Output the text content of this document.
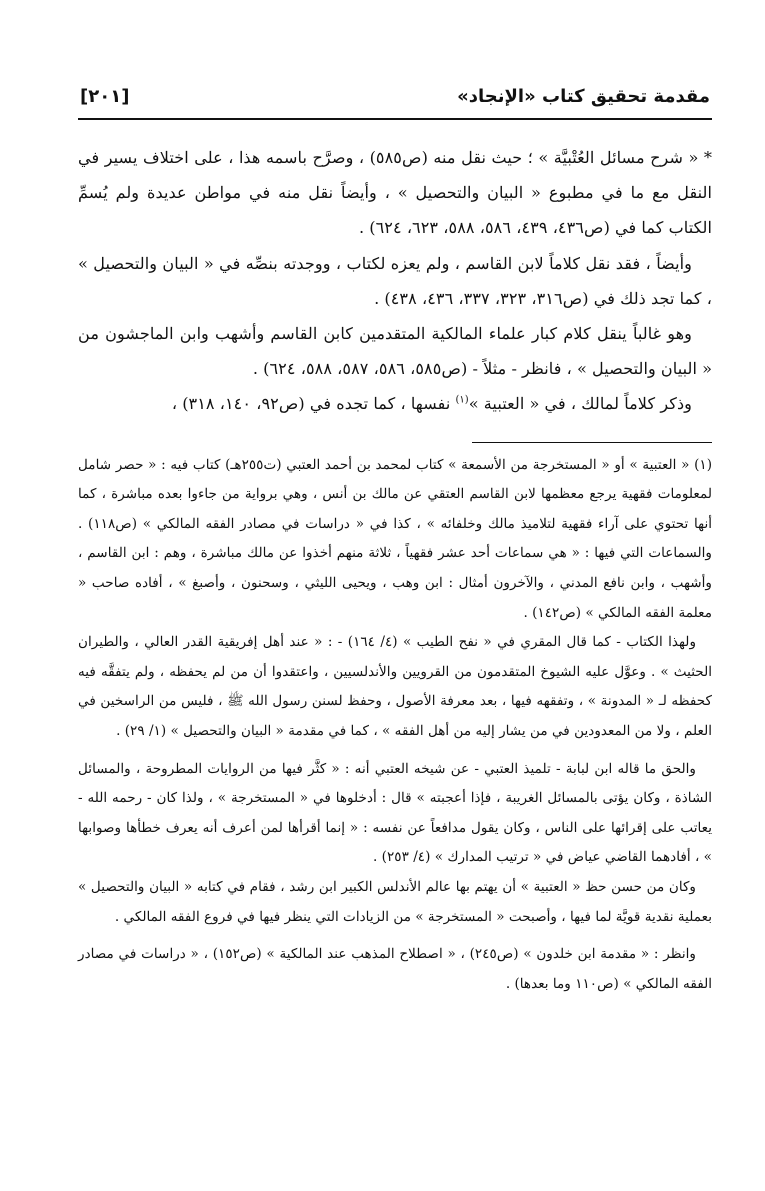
مقدمة تحقيق كتاب «الإنجاد»
[٢٠١]

* « شرح مسائل العُتْبيَّة » ؛ حيث نقل منه (ص٥٨٥) ، وصرَّح باسمه هذا ، على اختلاف يسير في النقل مع ما في مطبوع « البيان والتحصيل » ، وأيضاً نقل منه في مواطن عديدة ولم يُسمِّ الكتاب كما في (ص٤٣٦، ٤٣٩، ٥٨٦، ٥٨٨، ٦٢٣، ٦٢٤) .

وأيضاً ، فقد نقل كلاماً لابن القاسم ، ولم يعزه لكتاب ، ووجدته بنصِّه في « البيان والتحصيل » ، كما تجد ذلك في (ص٣١٦، ٣٢٣، ٣٣٧، ٤٣٦، ٤٣٨) .

وهو غالباً ينقل كلام كبار علماء المالكية المتقدمين كابن القاسم وأشهب وابن الماجشون من « البيان والتحصيل » ، فانظر - مثلاً - (ص٥٨٥، ٥٨٦، ٥٨٧، ٥٨٨، ٦٢٤) .

وذكر كلاماً لمالك ، في « العتبية »$^{(١)}$ نفسها ، كما تجده في (ص٩٢، ١٤٠، ٣١٨) ،

(١) « العتبية » أو « المستخرجة من الأسمعة » كتاب لمحمد بن أحمد العتبي (ت٢٥٥هـ) كتاب فيه : « حصر شامل لمعلومات فقهية يرجع معظمها لابن القاسم العتقي عن مالك بن أنس ، وهي برواية من جاءوا بعده مباشرة ، كما أنها تحتوي على آراء فقهية لتلاميذ مالك وخلفائه » ، كذا في « دراسات في مصادر الفقه المالكي » (ص١١٨) . والسماعات التي فيها : « هي سماعات أحد عشر فقهياً ، ثلاثة منهم أخذوا عن مالك مباشرة ، وهم : ابن القاسم ، وأشهب ، وابن نافع المدني ، والآخرون أمثال : ابن وهب ، ويحيى الليثي ، وسحنون ، وأصبغ » ، أفاده صاحب « معلمة الفقه المالكي » (ص١٤٢) .

ولهذا الكتاب - كما قال المقري في « نفح الطيب » (٤/ ١٦٤) - : « عند أهل إفريقية القدر العالي ، والطيران الحثيث » . وعوَّل عليه الشيوخ المتقدمون من القرويين والأندلسيين ، واعتقدوا أن من لم يحفظه ، ولم يتفقَّه فيه كحفظه لـ « المدونة » ، وتفقهه فيها ، بعد معرفة الأصول ، وحفظ لسنن رسول الله ﷺ ، فليس من الراسخين في العلم ، ولا من المعدودين في من يشار إليه من أهل الفقه » ، كما في مقدمة « البيان والتحصيل » (١/ ٢٩) .

والحق ما قاله ابن لبابة - تلميذ العتبي - عن شيخه العتبي أنه : « كثَّر فيها من الروايات المطروحة ، والمسائل الشاذة ، وكان يؤتى بالمسائل الغريبة ، فإذا أعجبته » قال : أدخلوها في « المستخرجة » ، ولذا كان - رحمه الله - يعاتب على إقرائها على الناس ، وكان يقول مدافعاً عن نفسه : « إنما أقرأها لمن أعرف أنه يعرف خطأها وصوابها » ، أفادهما القاضي عياض في « ترتيب المدارك » (٤/ ٢٥٣) .

وكان من حسن حظ « العتبية » أن يهتم بها عالم الأندلس الكبير ابن رشد ، فقام في كتابه « البيان والتحصيل » بعملية نقدية قويَّة لما فيها ، وأصبحت « المستخرجة » من الزيادات التي ينظر فيها في فروع الفقه المالكي .

وانظر : « مقدمة ابن خلدون » (ص٢٤٥) ، « اصطلاح المذهب عند المالكية » (ص١٥٢) ، « دراسات في مصادر الفقه المالكي » (ص١١٠ وما بعدها) .
